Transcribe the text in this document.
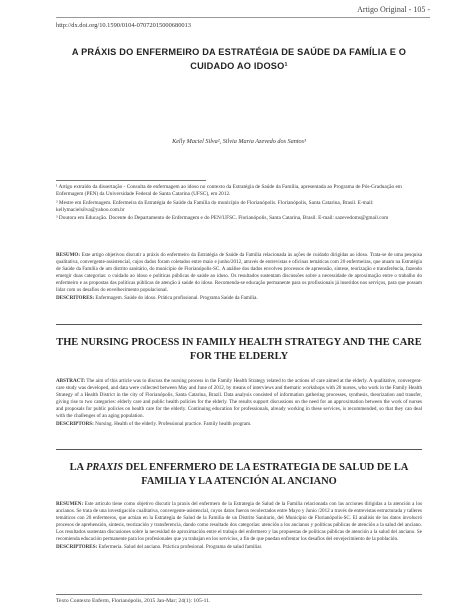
Artigo Original - 105 -
http://dx.doi.org/10.1590/0104-07072015000680013
A PRÁXIS DO ENFERMEIRO DA ESTRATÉGIA DE SAÚDE DA FAMÍLIA E O CUIDADO AO IDOSO¹
Kelly Maciel Silva², Silvia Maria Azevedo dos Santos³

¹ Artigo extraído da dissertação - Consulta de enfermagem ao idoso no contexto da Estratégia de Saúde da Família, apresentada ao Programa de Pós-Graduação em Enfermagem (PEN) da Universidade Federal de Santa Catarina (UFSC), em 2012.

² Mestre em Enfermagem. Enfermeira da Estratégia de Saúde da Família do município de Florianópolis. Florianópolis, Santa Catarina, Brasil. E-mail: kellymacielsilva@yahoo.com.br

³ Doutora em Educação. Docente do Departamento de Enfermagem e do PEN/UFSC. Florianópolis, Santa Catarina, Brasil. E-mail: sazevedoms@gmail.com

RESUMO: Este artigo objetivou discutir a práxis do enfermeiro da Estratégia de Saúde da Família relacionada às ações de cuidado dirigidas ao idoso. Trata-se de uma pesquisa qualitativa, convergente-assistencial, cujos dados foram coletados entre maio e junho/2012, através de entrevistas e oficinas temáticas com 20 enfermeiras, que atuam na Estratégia de Saúde da Família de um distrito sanitário, do município de Florianópolis-SC. A análise dos dados envolveu processos de apreensão, síntese, teorização e transferência, fazendo emergir duas categorias: o cuidado ao idoso e políticas públicas de saúde ao idoso. Os resultados sustentam discussões sobre a necessidade de aproximação entre o trabalho do enfermeiro e as propostas das políticas públicas de atenção à saúde do idoso. Recomenda-se educação permanente para os profissionais já inseridos nos serviços, para que possam lidar com os desafios do envelhecimento populacional.

DESCRITORES: Enfermagem. Saúde do idoso. Prática profissional. Programa Saúde da Família.

THE NURSING PROCESS IN FAMILY HEALTH STRATEGY AND THE CARE FOR THE ELDERLY

ABSTRACT: The aim of this article was to discuss the nursing process in the Family Health Strategy related to the actions of care aimed at the elderly. A qualitative, convergent-care study was developed, and data were collected between May and June of 2012, by means of interviews and thematic workshops with 20 nurses, who work in the Family Health Strategy of a Health District in the city of Florianópolis, Santa Catarina, Brazil. Data analysis consisted of information gathering processes, synthesis, theorization and transfer, giving rise to two categories: elderly care and public health policies for the elderly. The results support discussions on the need for an approximation between the work of nurses and proposals for public policies on health care for the elderly. Continuing education for professionals, already working in these services, is recommended, so that they can deal with the challenges of an aging population.

DESCRIPTORS: Nursing. Health of the elderly. Professional practice. Family health program.

LA PRAXIS DEL ENFERMERO DE LA ESTRATEGIA DE SALUD DE LA FAMILIA Y LA ATENCIÓN AL ANCIANO

RESUMEN: Este artículo tiene como objetivo discutir la praxis del enfermero de la Estrategia de Salud de la Familia relacionada con las acciones dirigidas a la atención a los ancianos. Se trata de una investigación cualitativa, convergente-asistencial, cuyos datos fueron recolectados entre Mayo y Junio /2012 a través de entrevistas estructurada y talleres temáticos con 20 enfermeros, que actúan en la Estrategia de Salud de la Familia de un Distrito Sanitario, del Municipio de Florianópolis-SC. El análisis de los datos involucró procesos de aprehensión, síntesis, teorización y transferencia, dando como resultado dos categorías: atención a los ancianos y políticas públicas de atención a la salud del anciano. Los resultados sustentan discusiones sobre la necesidad de aproximación entre el trabajo del enfermero y las propuestas de políticas públicas de atención a la salud del anciano. Se recomienda educación permanente para los profesionales que ya trabajan en los servicios, a fin de que puedan enfrentar los desafíos del envejecimiento de la población.

DESCRIPTORES: Enfermería. Salud del anciano. Práctica profesional. Programa de salud familiar.

Texto Contexto Enferm, Florianópolis, 2015 Jan-Mar; 24(1): 105-11.
